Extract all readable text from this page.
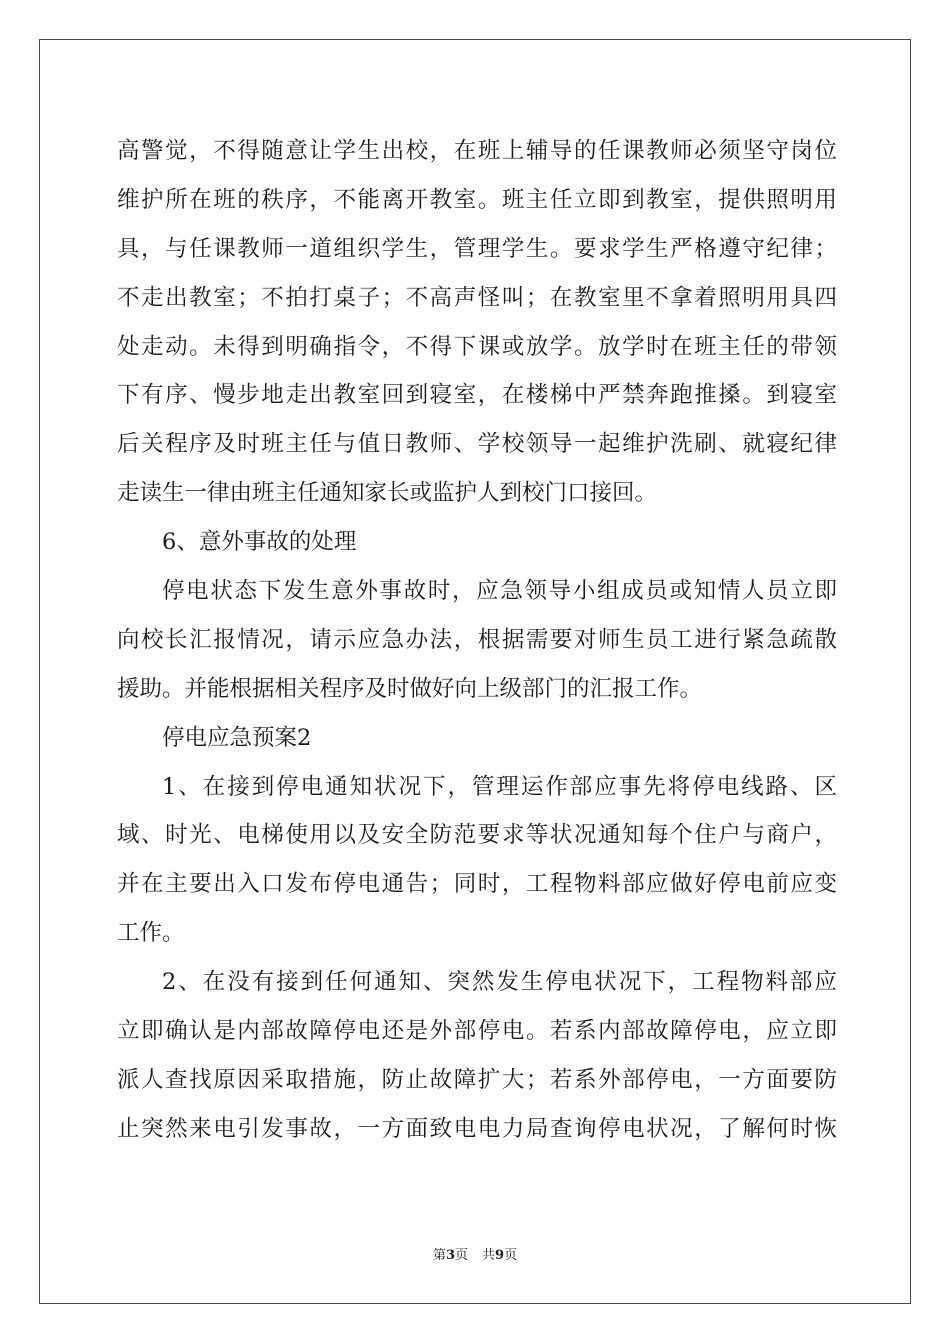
高警觉，不得随意让学生出校，在班上辅导的任课教师必须坚守岗位
维护所在班的秩序，不能离开教室。班主任立即到教室，提供照明用
具，与任课教师一道组织学生，管理学生。要求学生严格遵守纪律；
不走出教室；不拍打桌子；不高声怪叫；在教室里不拿着照明用具四
处走动。未得到明确指令，不得下课或放学。放学时在班主任的带领
下有序、慢步地走出教室回到寝室，在楼梯中严禁奔跑推搡。到寝室
后关程序及时班主任与值日教师、学校领导一起维护洗刷、就寝纪律
走读生一律由班主任通知家长或监护人到校门口接回。
6、意外事故的处理
停电状态下发生意外事故时，应急领导小组成员或知情人员立即
向校长汇报情况，请示应急办法，根据需要对师生员工进行紧急疏散
援助。并能根据相关程序及时做好向上级部门的汇报工作。
停电应急预案2
1、在接到停电通知状况下，管理运作部应事先将停电线路、区
域、时光、电梯使用以及安全防范要求等状况通知每个住户与商户，
并在主要出入口发布停电通告；同时，工程物料部应做好停电前应变
工作。
2、在没有接到任何通知、突然发生停电状况下，工程物料部应
立即确认是内部故障停电还是外部停电。若系内部故障停电，应立即
派人查找原因采取措施，防止故障扩大；若系外部停电，一方面要防
止突然来电引发事故，一方面致电电力局查询停电状况，了解何时恢
第3页 共9页
